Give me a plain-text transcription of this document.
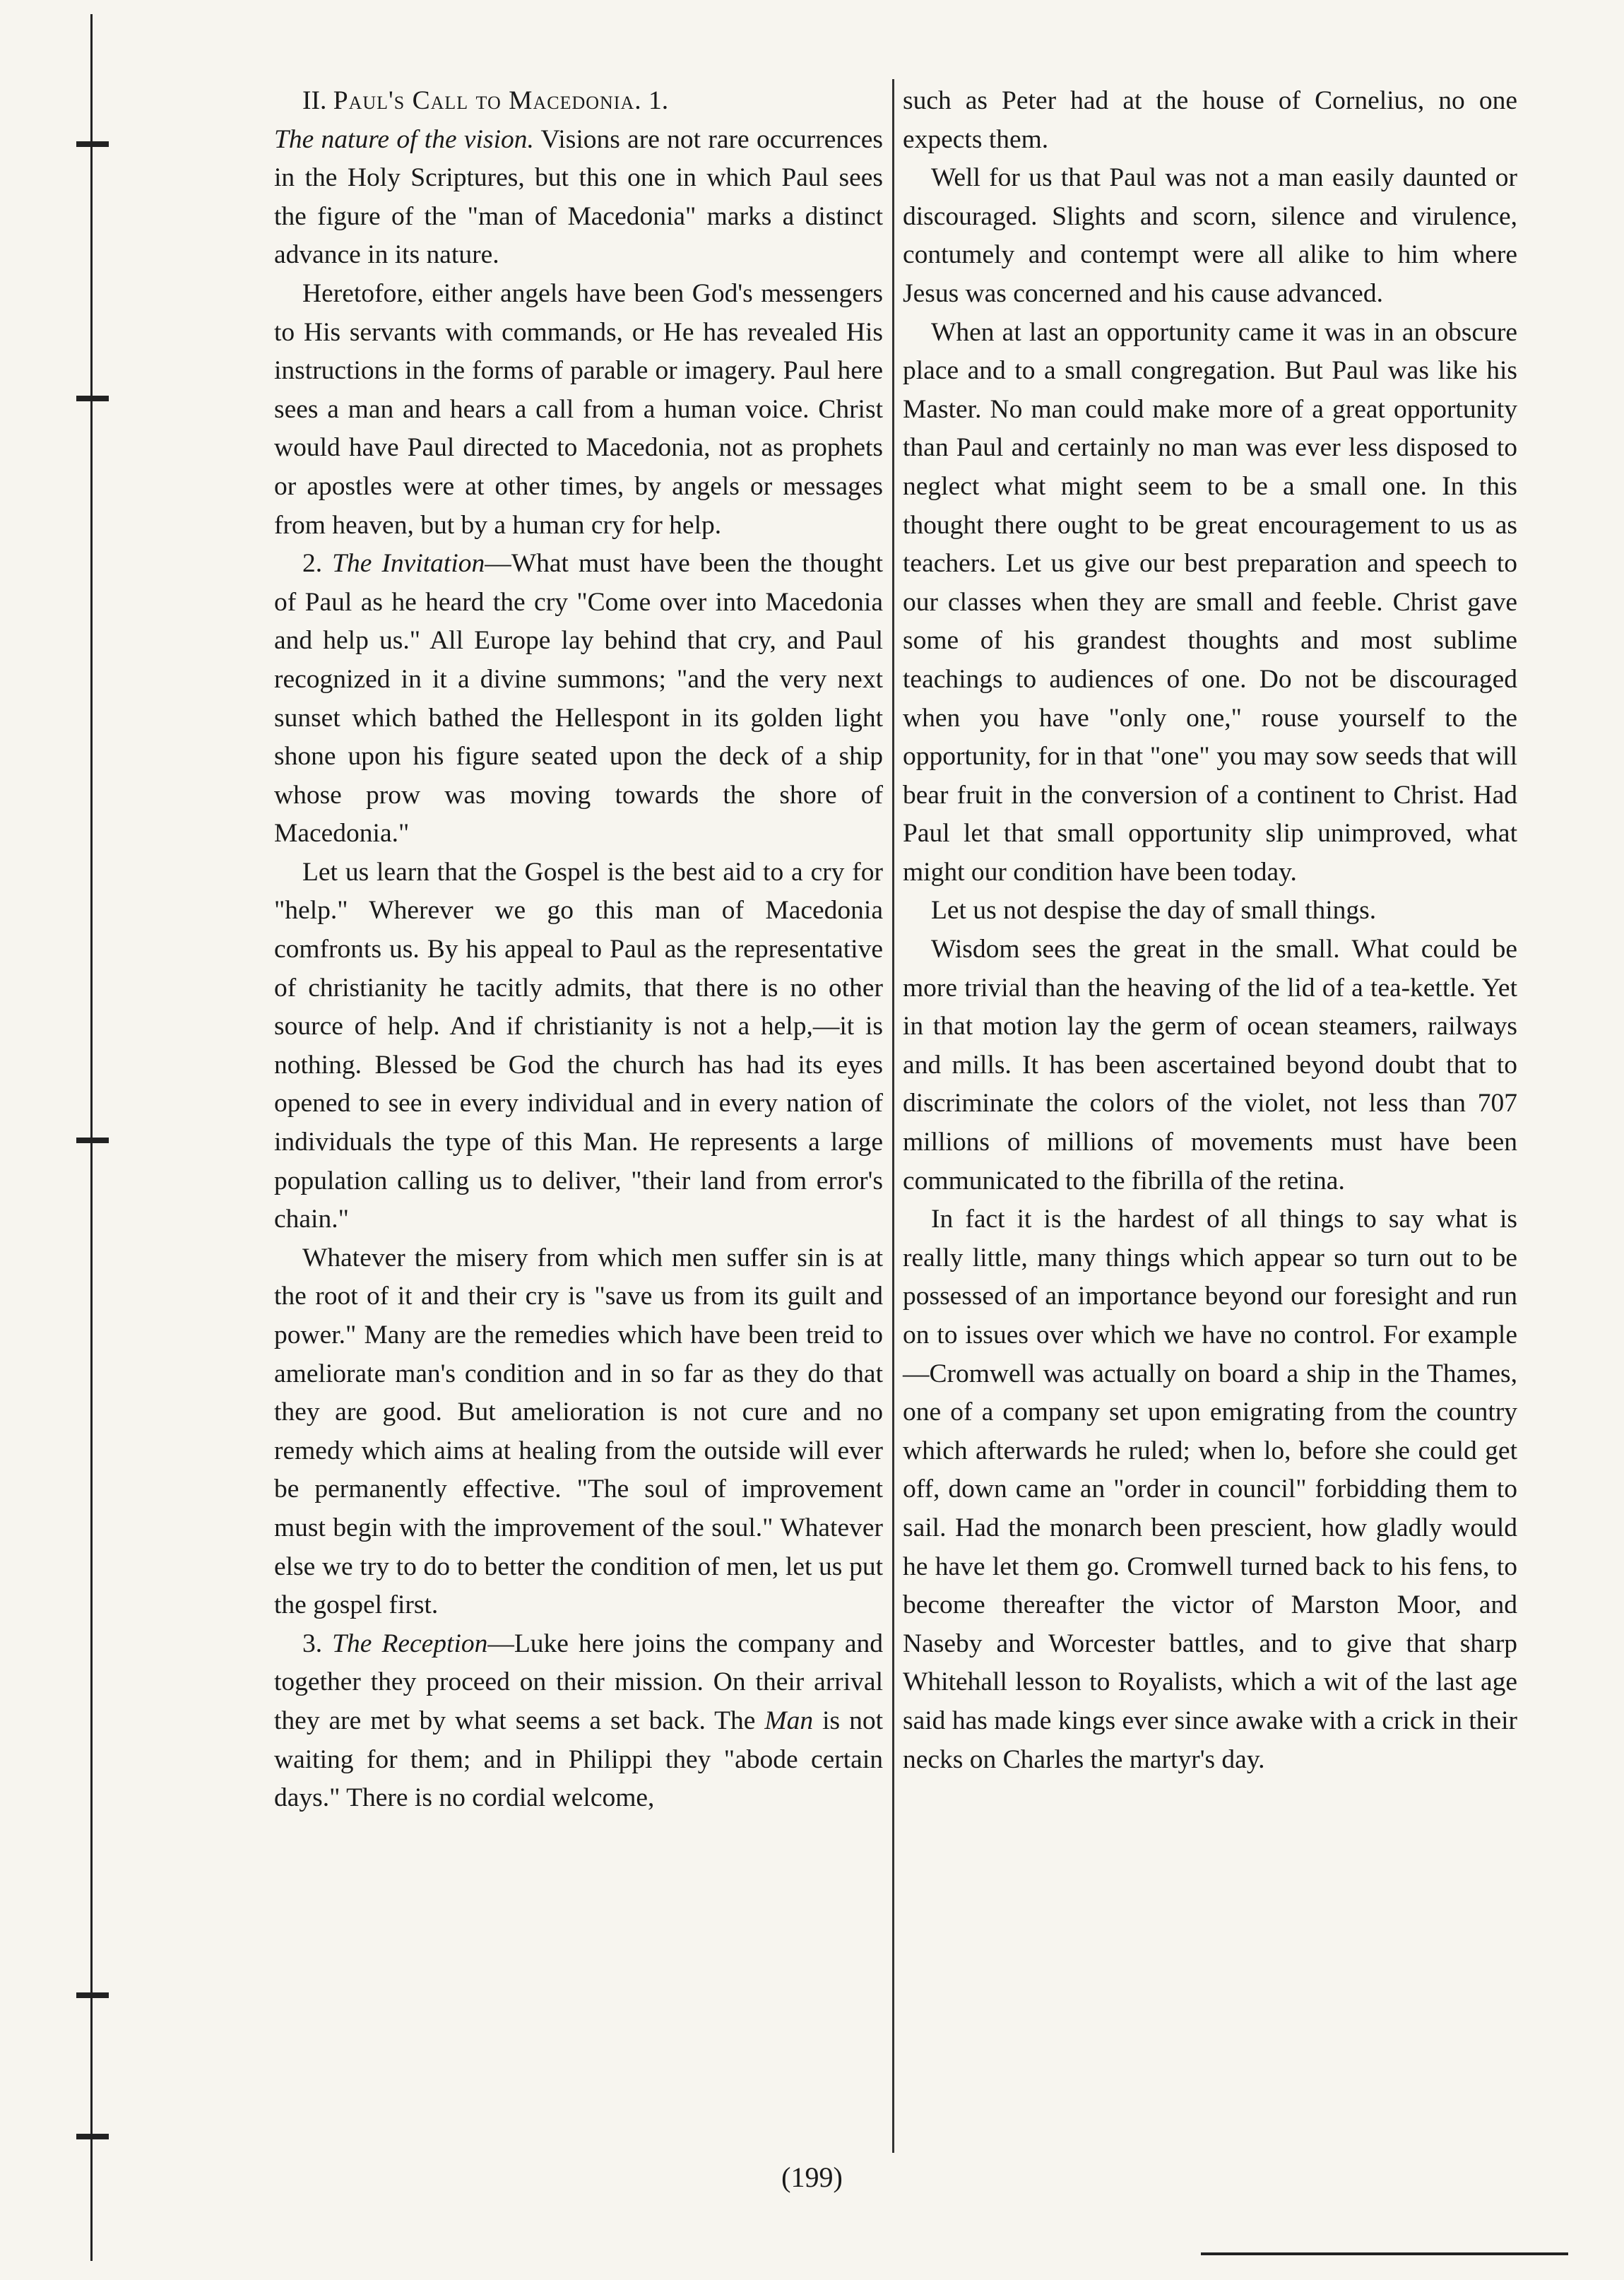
II. Paul's Call to Macedonia. 1.

The nature of the vision. Visions are not rare occurrences in the Holy Scriptures, but this one in which Paul sees the figure of the "man of Macedonia" marks a distinct advance in its nature.

Heretofore, either angels have been God's messengers to His servants with commands, or He has revealed His instructions in the forms of parable or imagery. Paul here sees a man and hears a call from a human voice. Christ would have Paul directed to Macedonia, not as prophets or apostles were at other times, by angels or messages from heaven, but by a human cry for help.

2. The Invitation—What must have been the thought of Paul as he heard the cry "Come over into Macedonia and help us." All Europe lay behind that cry, and Paul recognized in it a divine summons; "and the very next sunset which bathed the Hellespont in its golden light shone upon his figure seated upon the deck of a ship whose prow was moving towards the shore of Macedonia."

Let us learn that the Gospel is the best aid to a cry for "help." Wherever we go this man of Macedonia comfronts us. By his appeal to Paul as the representative of christianity he tacitly admits, that there is no other source of help. And if christianity is not a help,—it is nothing. Blessed be God the church has had its eyes opened to see in every individual and in every nation of individuals the type of this Man. He represents a large population calling us to deliver, "their land from error's chain."

Whatever the misery from which men suffer sin is at the root of it and their cry is "save us from its guilt and power." Many are the remedies which have been treid to ameliorate man's condition and in so far as they do that they are good. But amelioration is not cure and no remedy which aims at healing from the outside will ever be permanently effective. "The soul of improvement must begin with the improvement of the soul." Whatever else we try to do to better the condition of men, let us put the gospel first.

3. The Reception—Luke here joins the company and together they proceed on their mission. On their arrival they are met by what seems a set back. The Man is not waiting for them; and in Philippi they "abode certain days." There is no cordial welcome,

such as Peter had at the house of Cornelius, no one expects them.

Well for us that Paul was not a man easily daunted or discouraged. Slights and scorn, silence and virulence, contumely and contempt were all alike to him where Jesus was concerned and his cause advanced.

When at last an opportunity came it was in an obscure place and to a small congregation. But Paul was like his Master. No man could make more of a great opportunity than Paul and certainly no man was ever less disposed to neglect what might seem to be a small one. In this thought there ought to be great encouragement to us as teachers. Let us give our best preparation and speech to our classes when they are small and feeble. Christ gave some of his grandest thoughts and most sublime teachings to audiences of one. Do not be discouraged when you have "only one," rouse yourself to the opportunity, for in that "one" you may sow seeds that will bear fruit in the conversion of a continent to Christ. Had Paul let that small opportunity slip unimproved, what might our condition have been today.

Let us not despise the day of small things.

Wisdom sees the great in the small. What could be more trivial than the heaving of the lid of a tea-kettle. Yet in that motion lay the germ of ocean steamers, railways and mills. It has been ascertained beyond doubt that to discriminate the colors of the violet, not less than 707 millions of millions of movements must have been communicated to the fibrilla of the retina.

In fact it is the hardest of all things to say what is really little, many things which appear so turn out to be possessed of an importance beyond our foresight and run on to issues over which we have no control. For example—Cromwell was actually on board a ship in the Thames, one of a company set upon emigrating from the country which afterwards he ruled; when lo, before she could get off, down came an "order in council" forbidding them to sail. Had the monarch been prescient, how gladly would he have let them go. Cromwell turned back to his fens, to become thereafter the victor of Marston Moor, and Naseby and Worcester battles, and to give that sharp Whitehall lesson to Royalists, which a wit of the last age said has made kings ever since awake with a crick in their necks on Charles the martyr's day.

(199)
